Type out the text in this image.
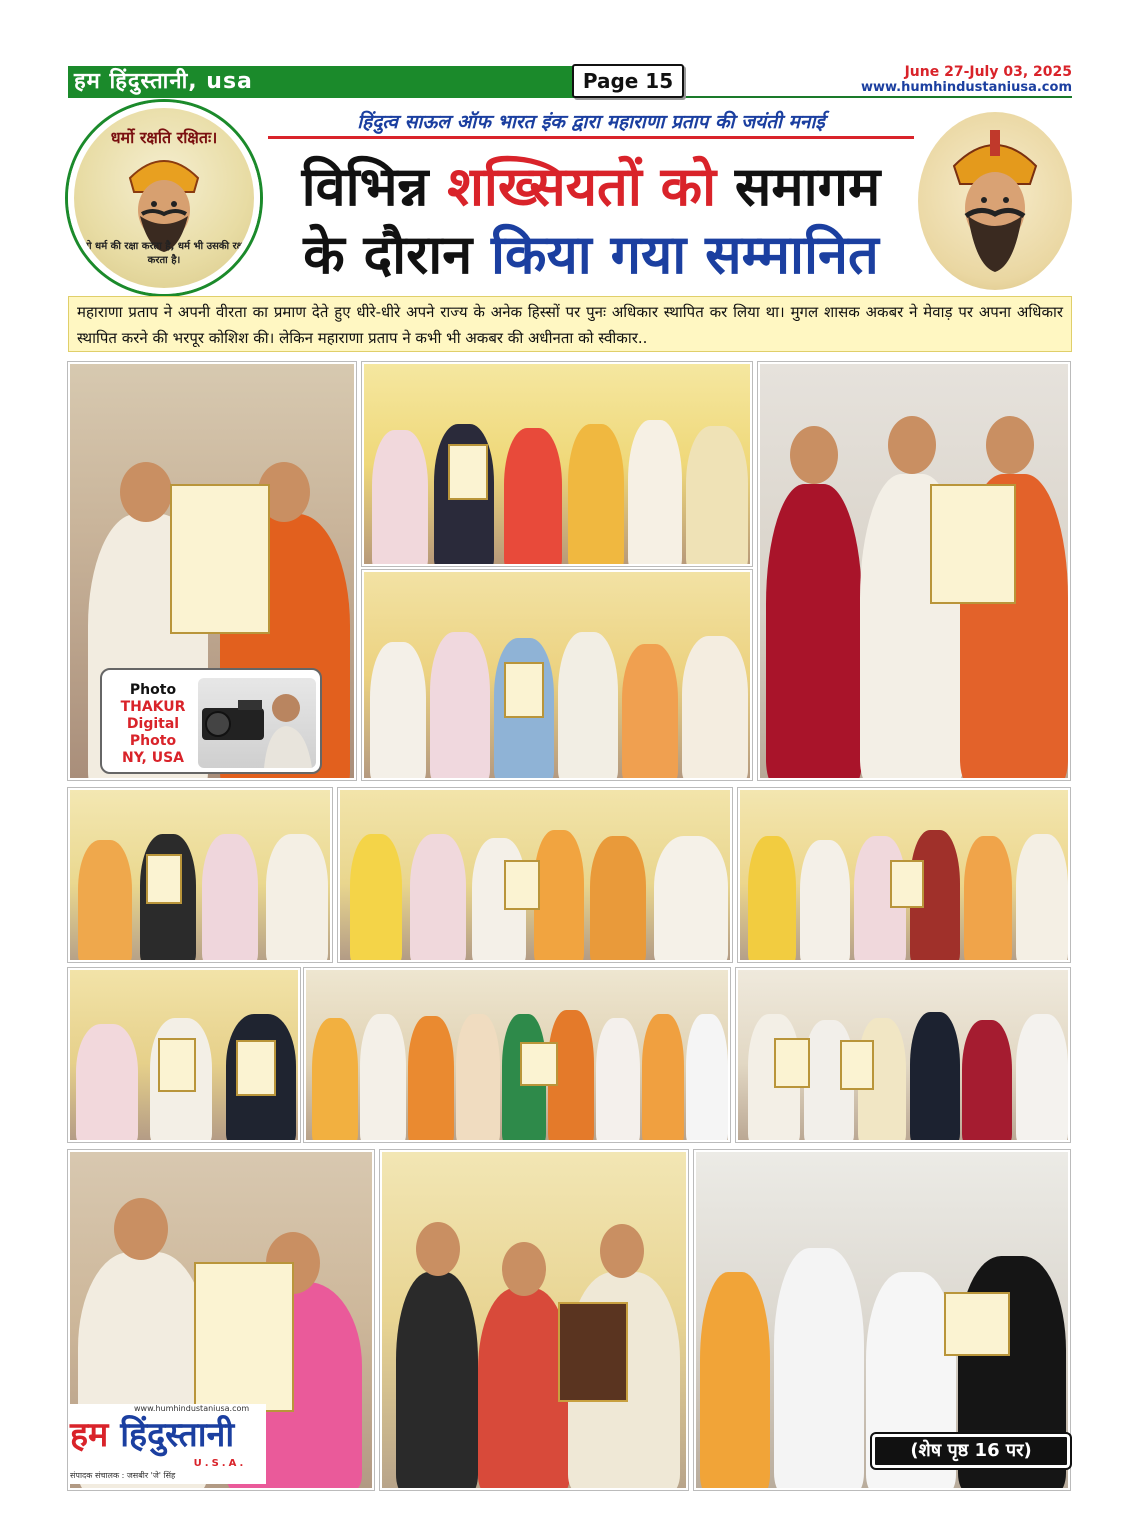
हम हिंदुस्तानी, usa	Page 15	June 27-July 03, 2025
www.humhindustaniusa.com
धर्मो रक्षति रक्षितः।
जो धर्म की रक्षा करता है, धर्म भी उसकी रक्षा करता है।
हिंदुत्व साऊल ऑफ भारत इंक द्वारा महाराणा प्रताप की जयंती मनाई
विभिन्न शख्सियतों को समागम
के दौरान किया गया सम्मानित
महाराणा प्रताप ने अपनी वीरता का प्रमाण देते हुए धीरे-धीरे अपने राज्य के अनेक हिस्सों पर पुनः अधिकार स्थापित कर लिया था। मुगल शासक अकबर ने मेवाड़ पर अपना अधिकार स्थापित करने की भरपूर कोशिश की। लेकिन महाराणा प्रताप ने कभी भी अकबर की अधीनता को स्वीकार..
Photo
THAKUR
Digital
Photo
NY, USA
www.humhindustaniusa.com
हम हिंदुस्तानी
U.S.A.
संपादक संचालक : जसबीर 'जे' सिंह
(शेष पृष्ठ 16 पर)
